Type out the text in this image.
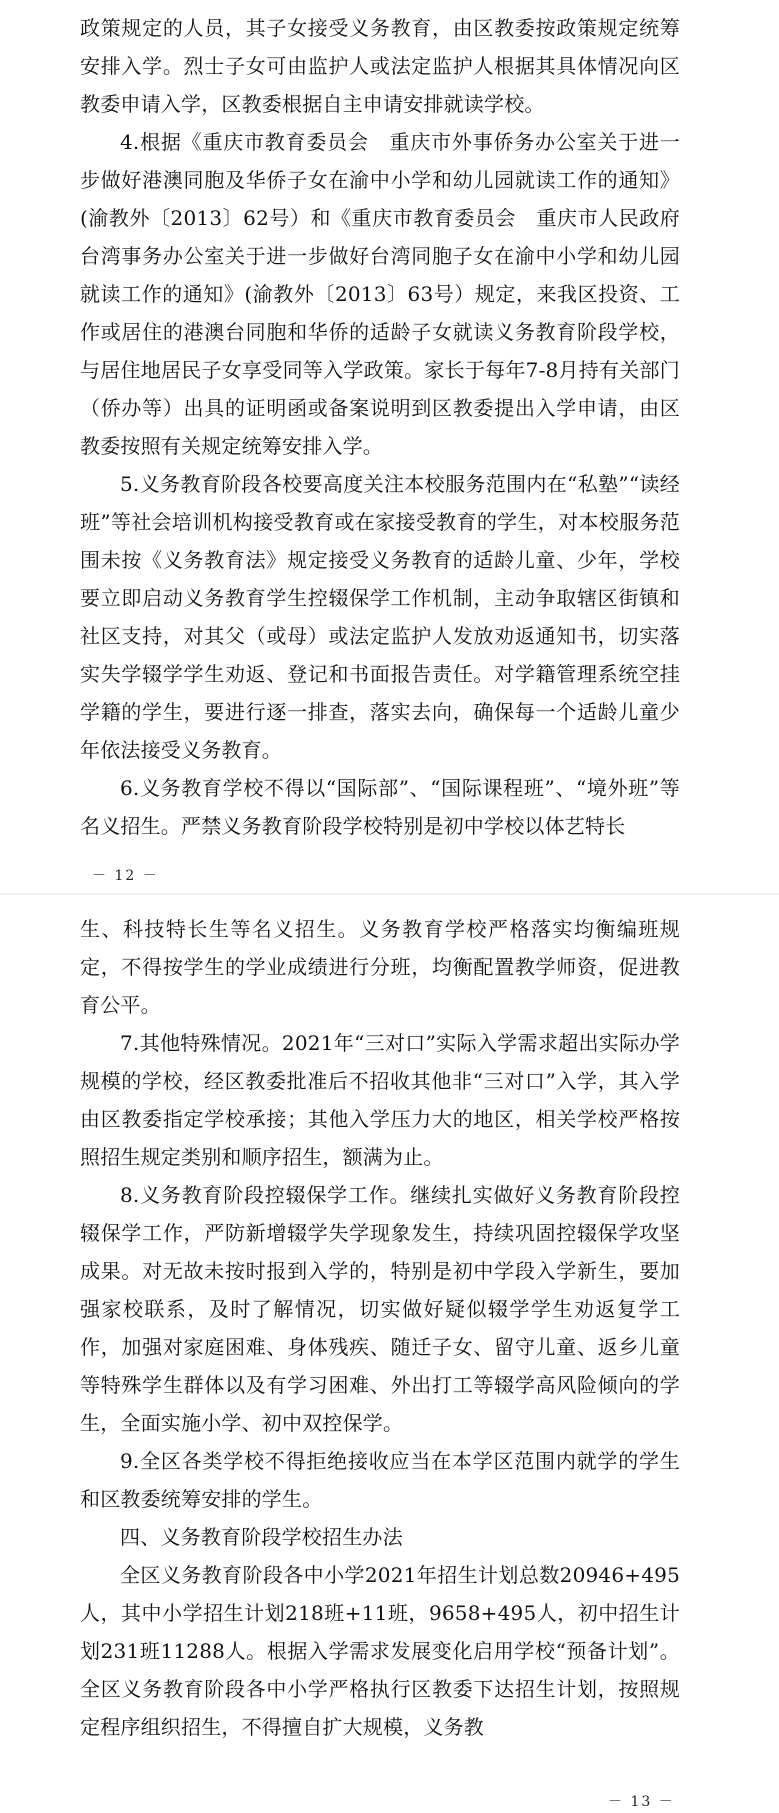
政策规定的人员，其子女接受义务教育，由区教委按政策规定统筹安排入学。烈士子女可由监护人或法定监护人根据其具体情况向区教委申请入学，区教委根据自主申请安排就读学校。

4.根据《重庆市教育委员会　重庆市外事侨务办公室关于进一步做好港澳同胞及华侨子女在渝中小学和幼儿园就读工作的通知》(渝教外〔2013〕62号）和《重庆市教育委员会　重庆市人民政府台湾事务办公室关于进一步做好台湾同胞子女在渝中小学和幼儿园就读工作的通知》(渝教外〔2013〕63号）规定，来我区投资、工作或居住的港澳台同胞和华侨的适龄子女就读义务教育阶段学校，与居住地居民子女享受同等入学政策。家长于每年7-8月持有关部门（侨办等）出具的证明函或备案说明到区教委提出入学申请，由区教委按照有关规定统筹安排入学。

5.义务教育阶段各校要高度关注本校服务范围内在“私塾”“读经班”等社会培训机构接受教育或在家接受教育的学生，对本校服务范围未按《义务教育法》规定接受义务教育的适龄儿童、少年，学校要立即启动义务教育学生控辍保学工作机制，主动争取辖区街镇和社区支持，对其父（或母）或法定监护人发放劝返通知书，切实落实失学辍学学生劝返、登记和书面报告责任。对学籍管理系统空挂学籍的学生，要进行逐一排查，落实去向，确保每一个适龄儿童少年依法接受义务教育。

6.义务教育学校不得以“国际部”、“国际课程班”、“境外班”等名义招生。严禁义务教育阶段学校特别是初中学校以体艺特长

－ 12 －

生、科技特长生等名义招生。义务教育学校严格落实均衡编班规定，不得按学生的学业成绩进行分班，均衡配置教学师资，促进教育公平。

7.其他特殊情况。2021年“三对口”实际入学需求超出实际办学规模的学校，经区教委批准后不招收其他非“三对口”入学，其入学由区教委指定学校承接；其他入学压力大的地区，相关学校严格按照招生规定类别和顺序招生，额满为止。

8.义务教育阶段控辍保学工作。继续扎实做好义务教育阶段控辍保学工作，严防新增辍学失学现象发生，持续巩固控辍保学攻坚成果。对无故未按时报到入学的，特别是初中学段入学新生，要加强家校联系，及时了解情况，切实做好疑似辍学学生劝返复学工作，加强对家庭困难、身体残疾、随迁子女、留守儿童、返乡儿童等特殊学生群体以及有学习困难、外出打工等辍学高风险倾向的学生，全面实施小学、初中双控保学。

9.全区各类学校不得拒绝接收应当在本学区范围内就学的学生和区教委统筹安排的学生。

四、义务教育阶段学校招生办法

全区义务教育阶段各中小学2021年招生计划总数20946+495人，其中小学招生计划218班+11班，9658+495人，初中招生计划231班11288人。根据入学需求发展变化启用学校“预备计划”。全区义务教育阶段各中小学严格执行区教委下达招生计划，按照规定程序组织招生，不得擅自扩大规模，义务教

－ 13 －
